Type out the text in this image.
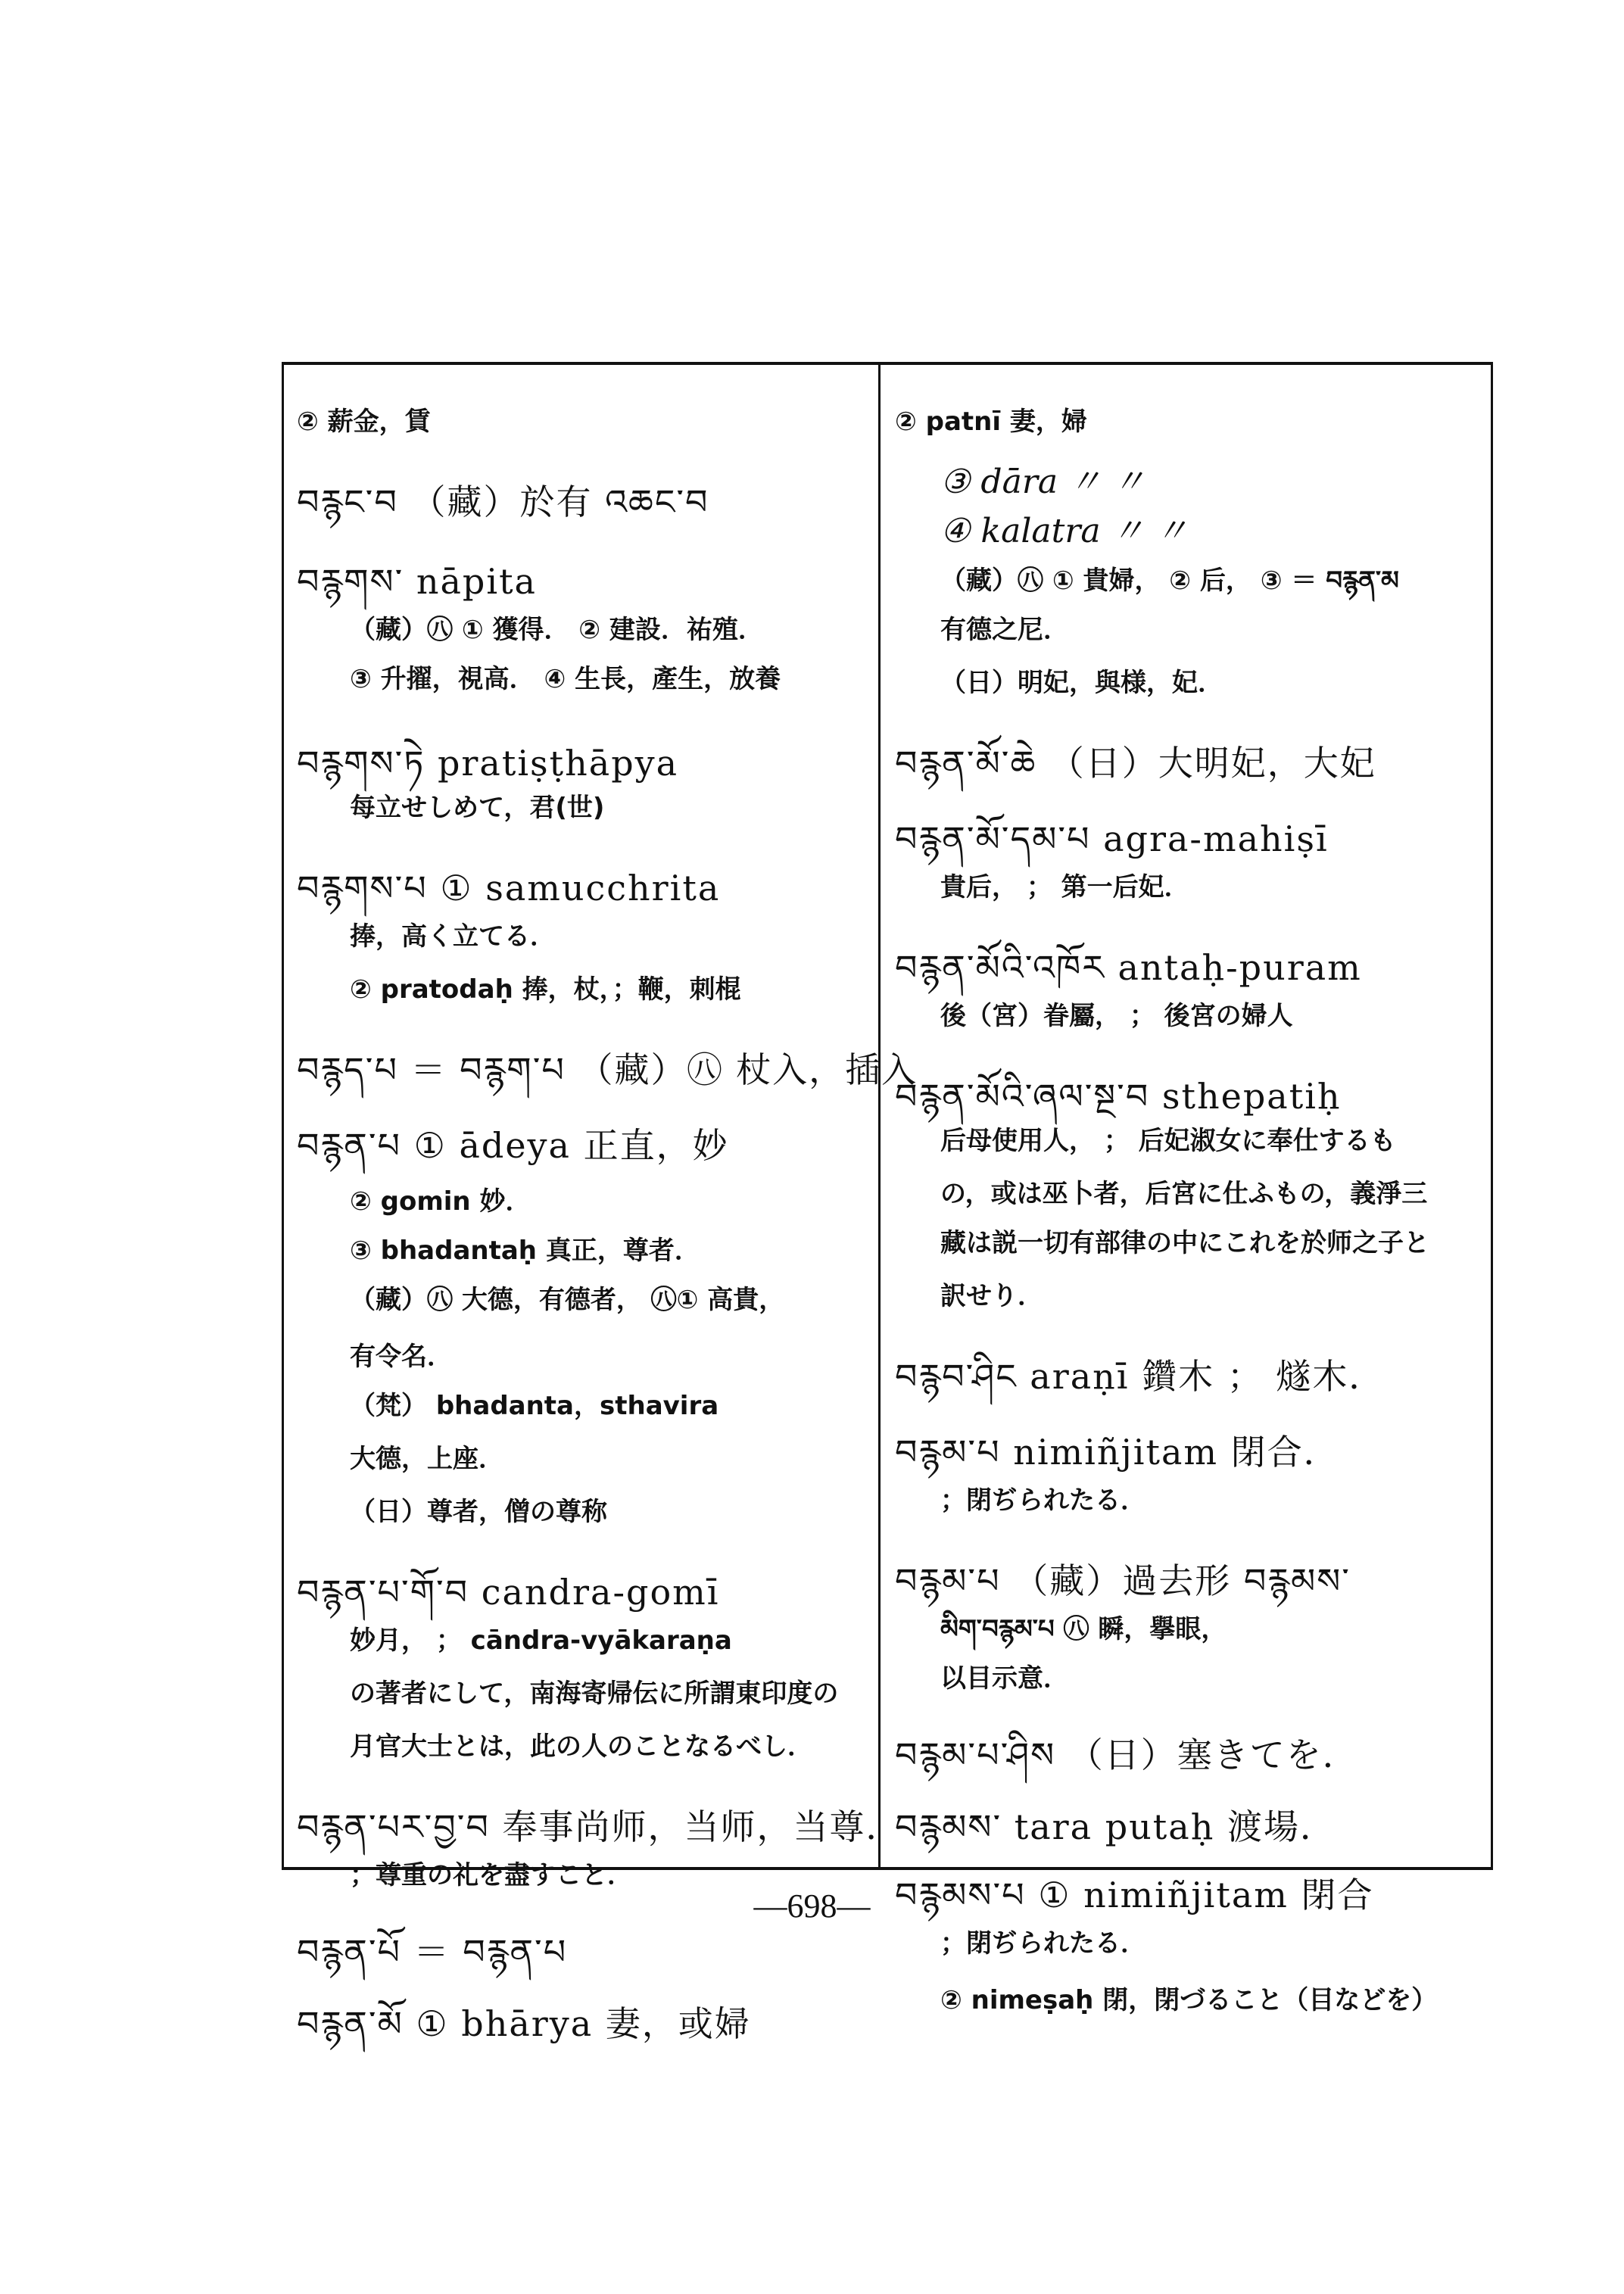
② 薪金，賃
བརྙང་བ （藏）於有 འཆང་བ
བརྙགས་ nāpita
（藏）㊇ ① 獲得． ② 建設．祐殖．
③ 升擢，視高． ④ 生長，產生，放養
བརྙགས་ཏེ pratiṣṭhāpya
每立せしめて，君(世)
བརྙགས་པ ① samucchrita
捧，高く立てる．
② pratodaḥ 捧，杖，；鞭，刺棍
བརྙད་པ ＝ བརྙག་པ （藏）㊇ 杖入，插入
བརྙན་པ ① ādeya 正直，妙
② gomin 妙．
③ bhadantaḥ 真正，尊者．
（藏）㊇ 大德，有德者， ㊇① 高貴，
有令名．
（梵） bhadanta，sthavira
大德，上座．
（日）尊者，僧の尊称
བརྙན་པ་གོ་བ candra-gomī
妙月， ； cāndra-vyākaraṇa
の著者にして，南海寄帰伝に所謂東印度の
月官大士とは，此の人のことなるべし．
བརྙན་པར་བྱ་བ 奉事尚师，当师，当尊．
；尊重の礼を盡すこと．
བརྙན་པོ ＝ བརྙན་པ
བརྙན་མོ ① bhārya 妻，或婦
② patnī 妻，婦
③ dāra 〃 〃
④ kalatra 〃 〃
（藏）㊇ ① 貴婦， ② 后， ③ ＝ བརྙན་མ
有德之尼．
（日）明妃，與様，妃．
བརྙན་མོ་ཆེ （日）大明妃，大妃
བརྙན་མོ་དམ་པ agra-mahiṣī
貴后， ； 第一后妃．
བརྙན་མོའི་འཁོར antaḥ-puram
後（宮）眷屬， ； 後宮の婦人
བརྙན་མོའི་ཞལ་སྔ་བ sthepatiḥ
后母使用人， ； 后妃淑女に奉仕するも
の，或は巫卜者，后宮に仕ふもの，義淨三
藏は説一切有部律の中にこれを於师之子と
訳せり．
བརྙབ་ཤིང araṇī 鑽木 ； 燧木．
བརྙམ་པ nimiñjitam 閉合．
；閉ぢられたる．
བརྙམ་པ （藏）過去形 བརྙམས་
མིག་བརྙམ་པ ㊇ 瞬，擧眼，
以目示意．
བརྙམ་པ་ཤིས （日）塞きてを．
བརྙམས་ tara putaḥ 渡場．
བརྙམས་པ ① nimiñjitam 閉合
；閉ぢられたる．
② nimeṣaḥ 閉，閉づること（目などを）
—698—
